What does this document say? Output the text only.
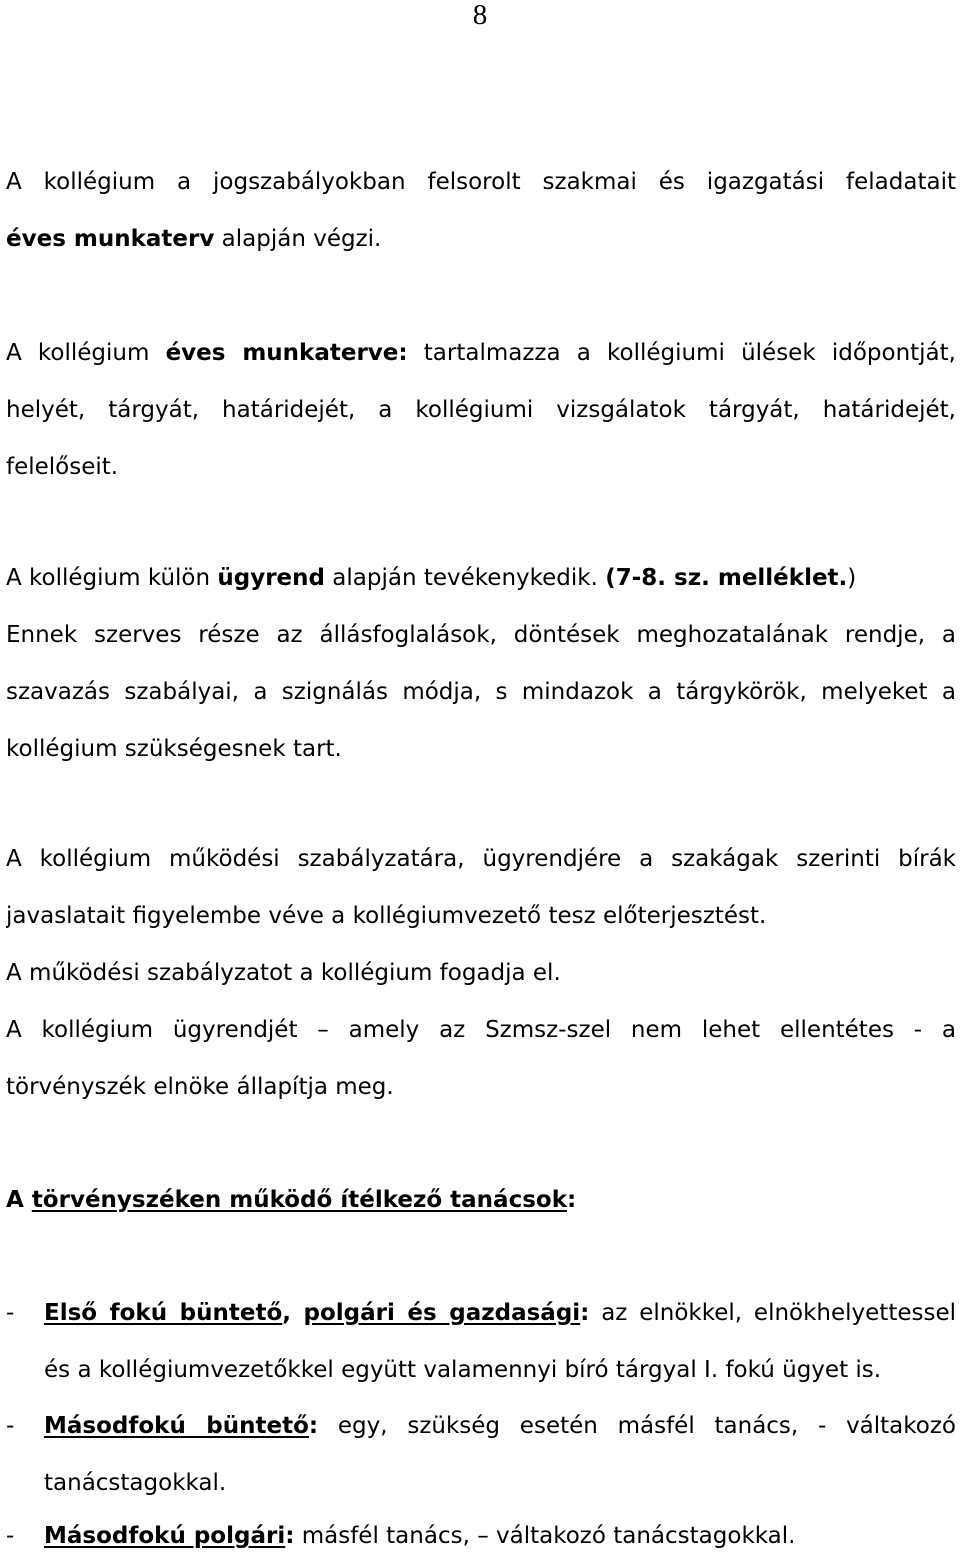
8
A kollégium a jogszabályokban felsorolt szakmai és igazgatási feladatait
éves munkaterv alapján végzi.
A kollégium éves munkaterve: tartalmazza a kollégiumi ülések időpontját,
helyét, tárgyát, határidejét, a kollégiumi vizsgálatok tárgyát, határidejét,
felelőseit.
A kollégium külön ügyrend alapján tevékenykedik. (7-8. sz. melléklet.)
Ennek szerves része az állásfoglalások, döntések meghozatalának rendje, a
szavazás szabályai, a szignálás módja, s mindazok a tárgykörök, melyeket a
kollégium szükségesnek tart.
A kollégium működési szabályzatára, ügyrendjére a szakágak szerinti bírák
javaslatait figyelembe véve a kollégiumvezető tesz előterjesztést.
A működési szabályzatot a kollégium fogadja el.
A kollégium ügyrendjét – amely az Szmsz-szel nem lehet ellentétes - a
törvényszék elnöke állapítja meg.
A törvényszéken működő ítélkező tanácsok:
- Első fokú büntető, polgári és gazdasági: az elnökkel, elnökhelyettessel
és a kollégiumvezetőkkel együtt valamennyi bíró tárgyal I. fokú ügyet is.
- Másodfokú büntető: egy, szükség esetén másfél tanács, - váltakozó
tanácstagokkal.
- Másodfokú polgári: másfél tanács, – váltakozó tanácstagokkal.
